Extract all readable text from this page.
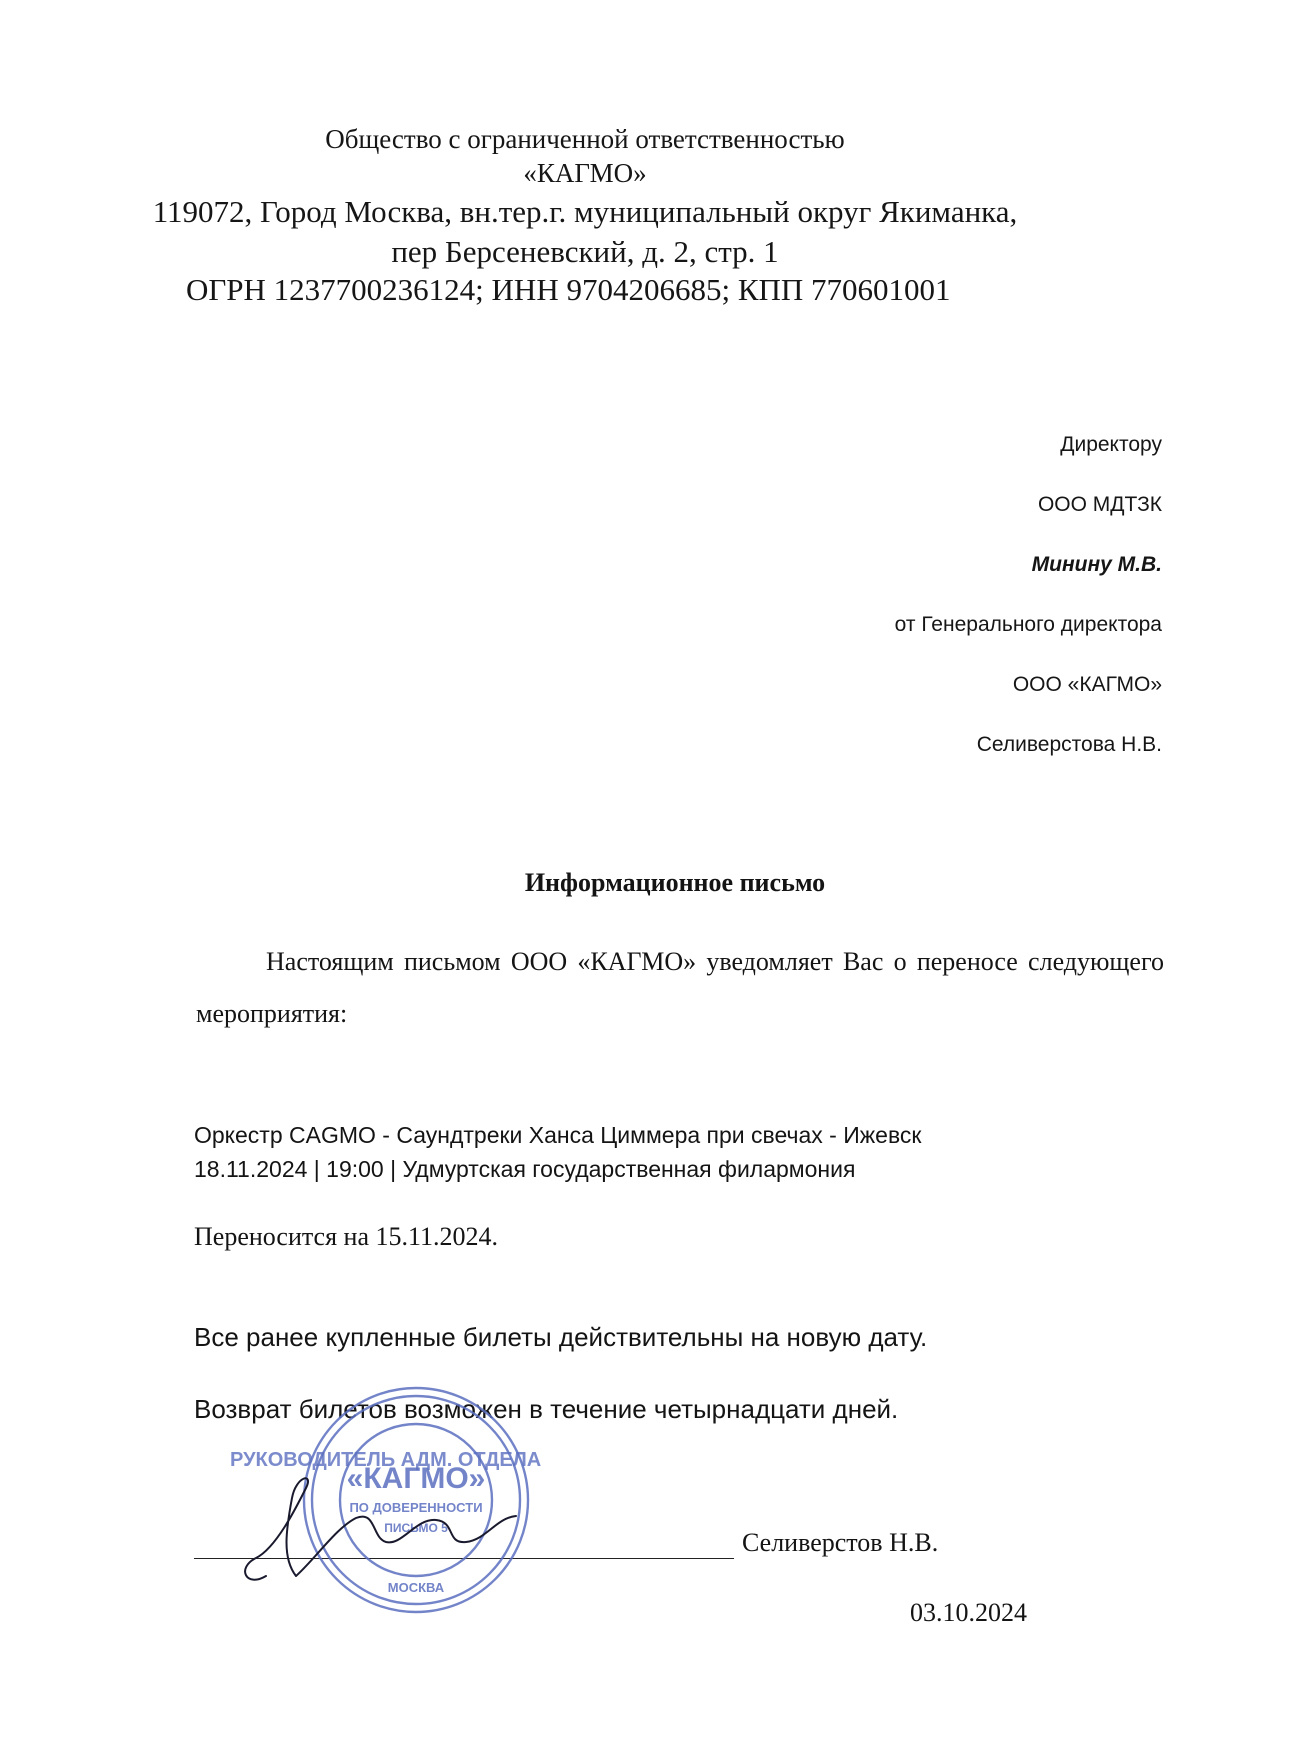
Общество с ограниченной ответственностью
«КАГМО»
119072, Город Москва, вн.тер.г. муниципальный округ Якиманка,
пер Берсеневский, д. 2, стр. 1
ОГРН 1237700236124; ИНН 9704206685; КПП 770601001
Директору
ООО МДТЗК
Минину М.В.
от Генерального директора
ООО «КАГМО»
Селиверстова Н.В.
Информационное письмо
Настоящим письмом ООО «КАГМО» уведомляет Вас о переносе следующего мероприятия:
Оркестр CAGMO - Саундтреки Ханса Циммера при свечах - Ижевск
18.11.2024 | 19:00 | Удмуртская государственная филармония
Переносится на 15.11.2024.
Все ранее купленные билеты действительны на новую дату.
Возврат билетов возможен в течение четырнадцати дней.
Селиверстов Н.В.
03.10.2024
«КАГМО»
ПО ДОВЕРЕННОСТИ
ПИСЬМО 5
МОСКВА
РУКОВОДИТЕЛЬ АДМ. ОТДЕЛА
